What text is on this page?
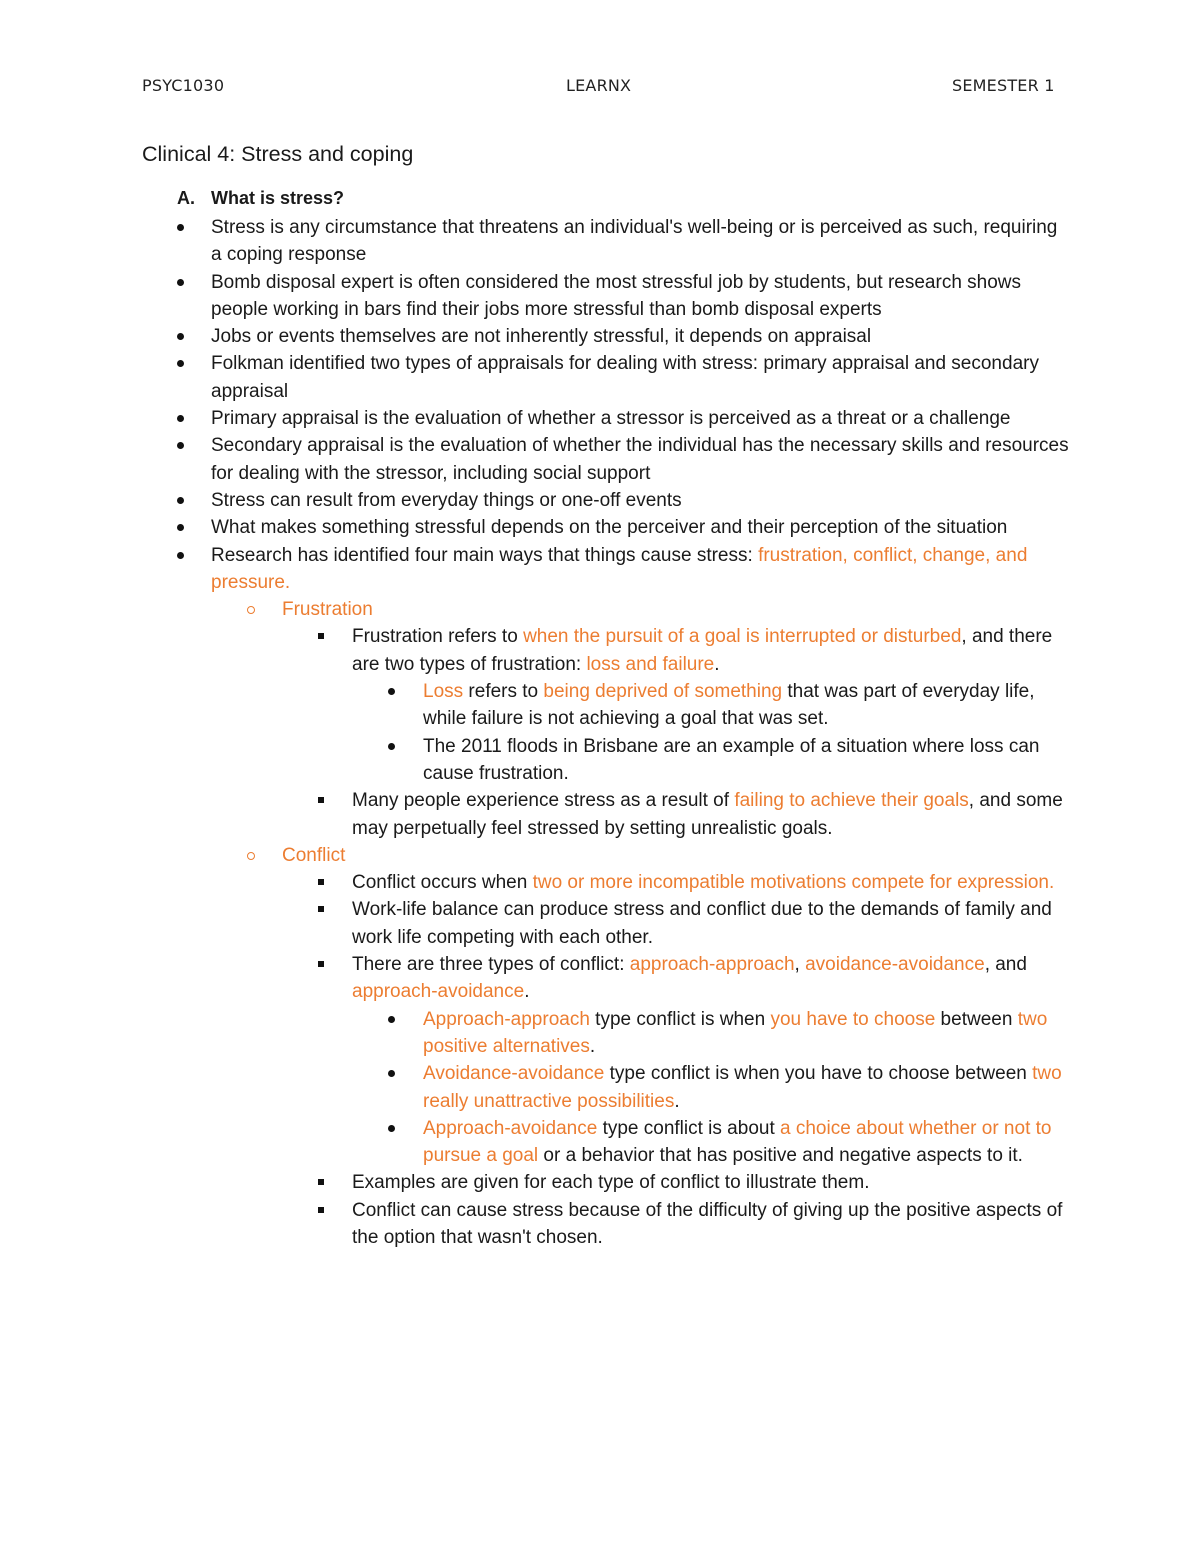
PSYC1030	LEARNX	SEMESTER 1
Clinical 4: Stress and coping
A. What is stress?
Stress is any circumstance that threatens an individual's well-being or is perceived as such, requiring a coping response
Bomb disposal expert is often considered the most stressful job by students, but research shows people working in bars find their jobs more stressful than bomb disposal experts
Jobs or events themselves are not inherently stressful, it depends on appraisal
Folkman identified two types of appraisals for dealing with stress: primary appraisal and secondary appraisal
Primary appraisal is the evaluation of whether a stressor is perceived as a threat or a challenge
Secondary appraisal is the evaluation of whether the individual has the necessary skills and resources for dealing with the stressor, including social support
Stress can result from everyday things or one-off events
What makes something stressful depends on the perceiver and their perception of the situation
Research has identified four main ways that things cause stress: frustration, conflict, change, and pressure.
Frustration
Frustration refers to when the pursuit of a goal is interrupted or disturbed, and there are two types of frustration: loss and failure.
Loss refers to being deprived of something that was part of everyday life, while failure is not achieving a goal that was set.
The 2011 floods in Brisbane are an example of a situation where loss can cause frustration.
Many people experience stress as a result of failing to achieve their goals, and some may perpetually feel stressed by setting unrealistic goals.
Conflict
Conflict occurs when two or more incompatible motivations compete for expression.
Work-life balance can produce stress and conflict due to the demands of family and work life competing with each other.
There are three types of conflict: approach-approach, avoidance-avoidance, and approach-avoidance.
Approach-approach type conflict is when you have to choose between two positive alternatives.
Avoidance-avoidance type conflict is when you have to choose between two really unattractive possibilities.
Approach-avoidance type conflict is about a choice about whether or not to pursue a goal or a behavior that has positive and negative aspects to it.
Examples are given for each type of conflict to illustrate them.
Conflict can cause stress because of the difficulty of giving up the positive aspects of the option that wasn't chosen.
